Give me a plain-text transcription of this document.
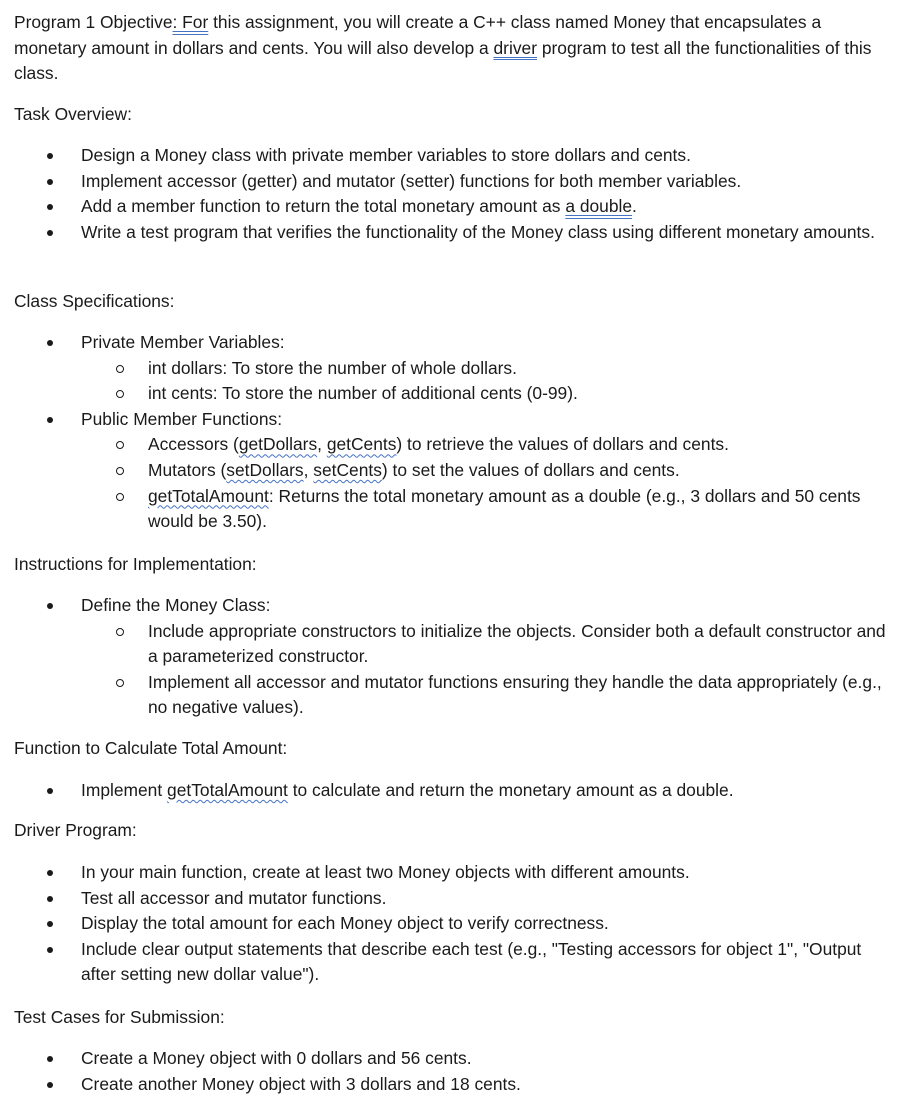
Program 1 Objective: For this assignment, you will create a C++ class named Money that encapsulates a monetary amount in dollars and cents. You will also develop a driver program to test all the functionalities of this class.

Task Overview:

Design a Money class with private member variables to store dollars and cents.
Implement accessor (getter) and mutator (setter) functions for both member variables.
Add a member function to return the total monetary amount as a double.
Write a test program that verifies the functionality of the Money class using different monetary amounts.

Class Specifications:

Private Member Variables:
int dollars: To store the number of whole dollars.
int cents: To store the number of additional cents (0-99).
Public Member Functions:
Accessors (getDollars, getCents) to retrieve the values of dollars and cents.
Mutators (setDollars, setCents) to set the values of dollars and cents.
getTotalAmount: Returns the total monetary amount as a double (e.g., 3 dollars and 50 cents would be 3.50).

Instructions for Implementation:

Define the Money Class:
Include appropriate constructors to initialize the objects. Consider both a default constructor and a parameterized constructor.
Implement all accessor and mutator functions ensuring they handle the data appropriately (e.g., no negative values).

Function to Calculate Total Amount:

Implement getTotalAmount to calculate and return the monetary amount as a double.

Driver Program:

In your main function, create at least two Money objects with different amounts.
Test all accessor and mutator functions.
Display the total amount for each Money object to verify correctness.
Include clear output statements that describe each test (e.g., "Testing accessors for object 1", "Output after setting new dollar value").

Test Cases for Submission:

Create a Money object with 0 dollars and 56 cents.
Create another Money object with 3 dollars and 18 cents.
